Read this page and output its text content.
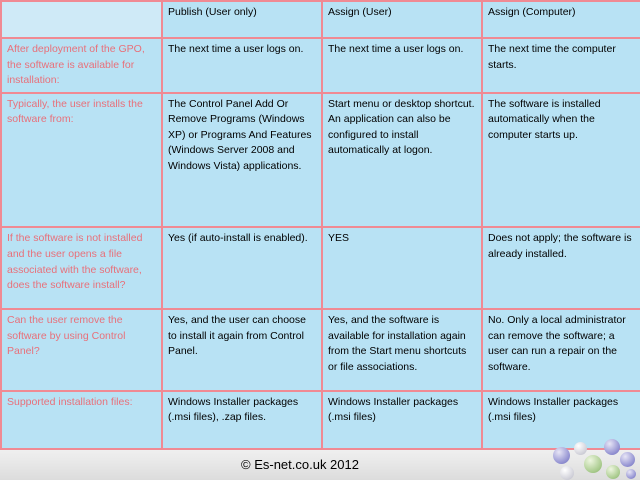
	Publish (User only)	Assign (User)	Assign (Computer)
After deployment of the GPO, the software is available for installation:	The next time a user logs on.	The next time a user logs on.	The next time the computer starts.
Typically, the user installs the software from:	The Control Panel Add Or Remove Programs (Windows XP) or Programs And Features (Windows Server 2008 and Windows Vista) applications.	Start menu or desktop shortcut. An application can also be configured to install automatically at logon.	The software is installed automatically when the computer starts up.
If the software is not installed and the user opens a file associated with the software, does the software install?	Yes (if auto-install is enabled).	YES	Does not apply; the software is already installed.
Can the user remove the software by using Control Panel?	Yes, and the user can choose to install it again from Control Panel.	Yes, and the software is available for installation again from the Start menu shortcuts or file associations.	No. Only a local administrator can remove the software; a user can run a repair on the software.
Supported installation files:	Windows Installer packages (.msi files), .zap files.	Windows Installer packages (.msi files)	Windows Installer packages (.msi files)
© Es-net.co.uk 2012
